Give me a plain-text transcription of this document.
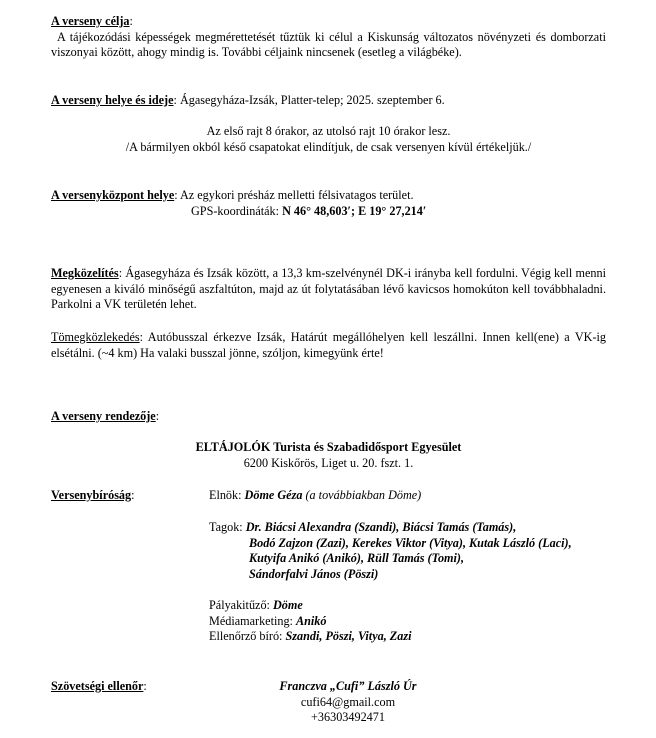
A verseny célja:

A tájékozódási képességek megmérettetését tűztük ki célul a Kiskunság változatos növényzeti és domborzati viszonyai között, ahogy mindig is. További céljaink nincsenek (esetleg a világbéke).

A verseny helye és ideje: Ágasegyháza-Izsák, Platter-telep; 2025. szeptember 6.

Az első rajt 8 órakor, az utolsó rajt 10 órakor lesz.

/A bármilyen okból késő csapatokat elindítjuk, de csak versenyen kívül értékeljük./

A versenyközpont helye: Az egykori présház melletti félsivatagos terület.

GPS-koordináták: N 46° 48,603′; E 19° 27,214′

Megközelítés: Ágasegyháza és Izsák között, a 13,3 km-szelvénynél DK-i irányba kell fordulni. Végig kell menni egyenesen a kiváló minőségű aszfaltúton, majd az út folytatásában lévő kavicsos homokúton kell továbbhaladni. Parkolni a VK területén lehet.

Tömegközlekedés: Autóbusszal érkezve Izsák, Határút megállóhelyen kell leszállni. Innen kell(ene) a VK-ig elsétálni. (~4 km) Ha valaki busszal jönne, szóljon, kimegyünk érte!

A verseny rendezője:

ELTÁJOLÓK Turista és Szabadidősport Egyesület

6200 Kiskőrös, Liget u. 20. fszt. 1.

Versenybíróság:	Elnök: Döme Géza (a továbbiakban Döme)

Tagok: Dr. Biácsi Alexandra (Szandi), Biácsi Tamás (Tamás),

Bodó Zajzon (Zazi), Kerekes Viktor (Vitya), Kutak László (Laci),

Kutyifa Anikó (Anikó), Rüll Tamás (Tomi),

Sándorfalvi János (Pöszi)

Pályakitűző: Döme

Médiamarketing: Anikó

Ellenőrző bíró: Szandi, Pöszi, Vitya, Zazi

Szövetségi ellenőr:	Franczva „Cufi” László Úr

cufi64@gmail.com

+36303492471
